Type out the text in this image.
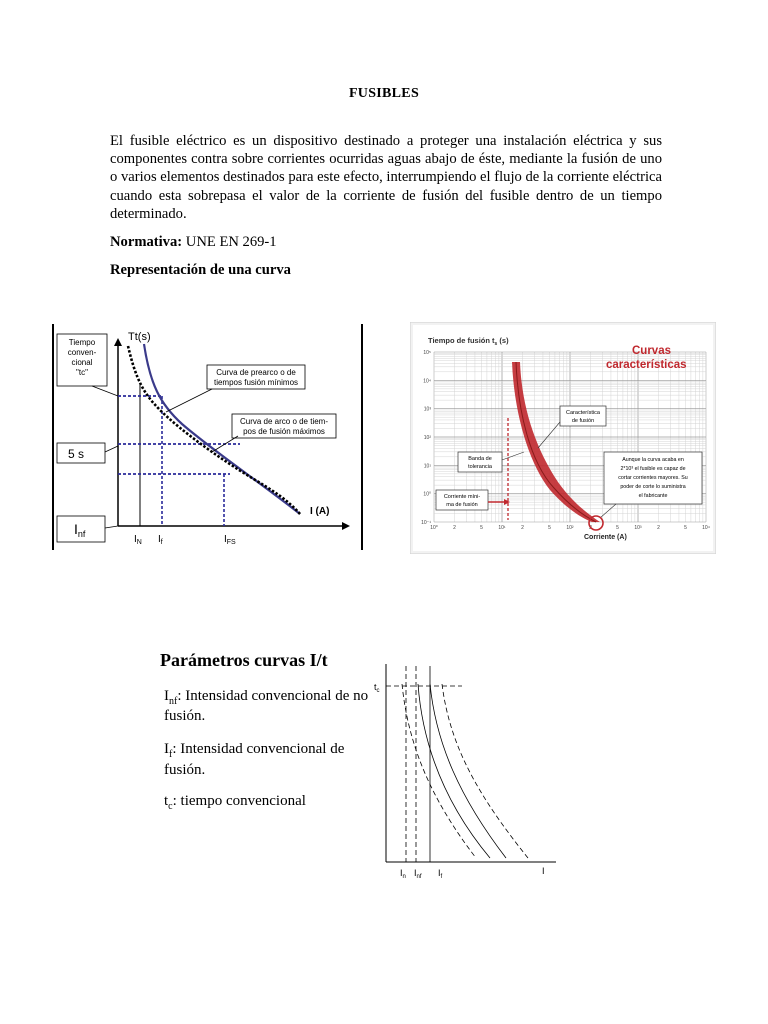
FUSIBLES
El fusible eléctrico es un dispositivo destinado a proteger una instalación eléctrica y sus componentes contra sobre corrientes ocurridas aguas abajo de éste, mediante la fusión de uno o varios elementos destinados para este efecto, interrumpiendo el flujo de la corriente eléctrica cuando esta sobrepasa el valor de la corriente de fusión del fusible dentro de un tiempo determinado.
Normativa: UNE EN 269-1
Representación de una curva
Tt(s)
Tiempo
conven-
cional
"tc"	Curva de prearco o de
tiempos fusión mínimos
Curva de arco o de tiem-
pos de fusión máximos
5 s
$I_{nf}$
I (A)
$I_N$ $I_f$	$I_{FS}$
10⁵
10⁴
10³
10²
10¹
10⁰
10⁻¹
10⁰	2	5	10¹	2	5	10²	2	5	10³	2	5	10⁴
Tiempo de fusión $t_s$ (s)
Curvas
características
Característica
de fusión
Banda de
tolerancia
Corriente míni-
ma de fusión
Aunque la curva acaba en
2*10³ el fusible es capaz de
cortar corrientes mayores. Su
poder de corte lo suministra
el fabricante
Corriente (A)
Parámetros curvas I/t
$I_{nf}$: Intensidad convencional de no
fusión.
$I_f$: Intensidad convencional de
fusión.
$t_c$: tiempo convencional
$t_c$
$I_n$ $I_{nf}$ $I_f$
I
